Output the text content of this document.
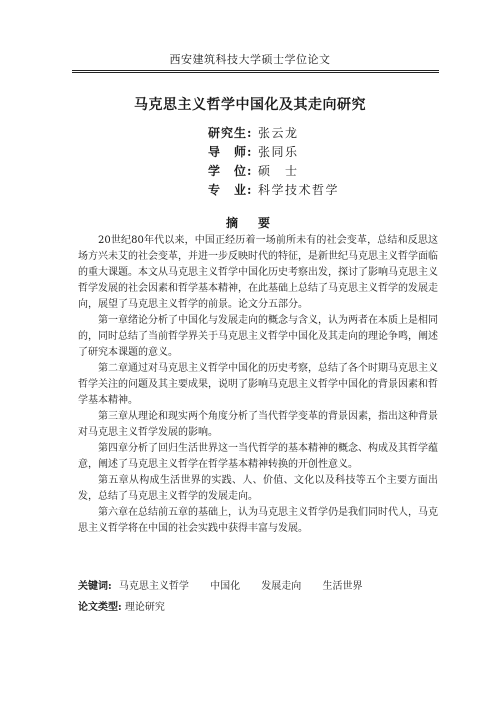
西安建筑科技大学硕士学位论文
马克思主义哲学中国化及其走向研究
研究生: 张云龙
导　师: 张同乐
学　位: 硕　士
专　业: 科学技术哲学
摘　要

20世纪80年代以来，中国正经历着一场前所未有的社会变革，总结和反思这场方兴未艾的社会变革，并进一步反映时代的特征，是新世纪马克思主义哲学面临的重大课题。本文从马克思主义哲学中国化历史考察出发，探讨了影响马克思主义哲学发展的社会因素和哲学基本精神，在此基础上总结了马克思主义哲学的发展走向，展望了马克思主义哲学的前景。论文分五部分。

第一章绪论分析了中国化与发展走向的概念与含义，认为两者在本质上是相同的，同时总结了当前哲学界关于马克思主义哲学中国化及其走向的理论争鸣，阐述了研究本课题的意义。

第二章通过对马克思主义哲学中国化的历史考察，总结了各个时期马克思主义哲学关注的问题及其主要成果，说明了影响马克思主义哲学中国化的背景因素和哲学基本精神。

第三章从理论和现实两个角度分析了当代哲学变革的背景因素，指出这种背景对马克思主义哲学发展的影响。

第四章分析了回归生活世界这一当代哲学的基本精神的概念、构成及其哲学蕴意，阐述了马克思主义哲学在哲学基本精神转换的开创性意义。

第五章从构成生活世界的实践、人、价值、文化以及科技等五个主要方面出发，总结了马克思主义哲学的发展走向。

第六章在总结前五章的基础上，认为马克思主义哲学仍是我们同时代人，马克思主义哲学将在中国的社会实践中获得丰富与发展。

关键词: 马克思主义哲学 中国化 发展走向 生活世界
论文类型: 理论研究
